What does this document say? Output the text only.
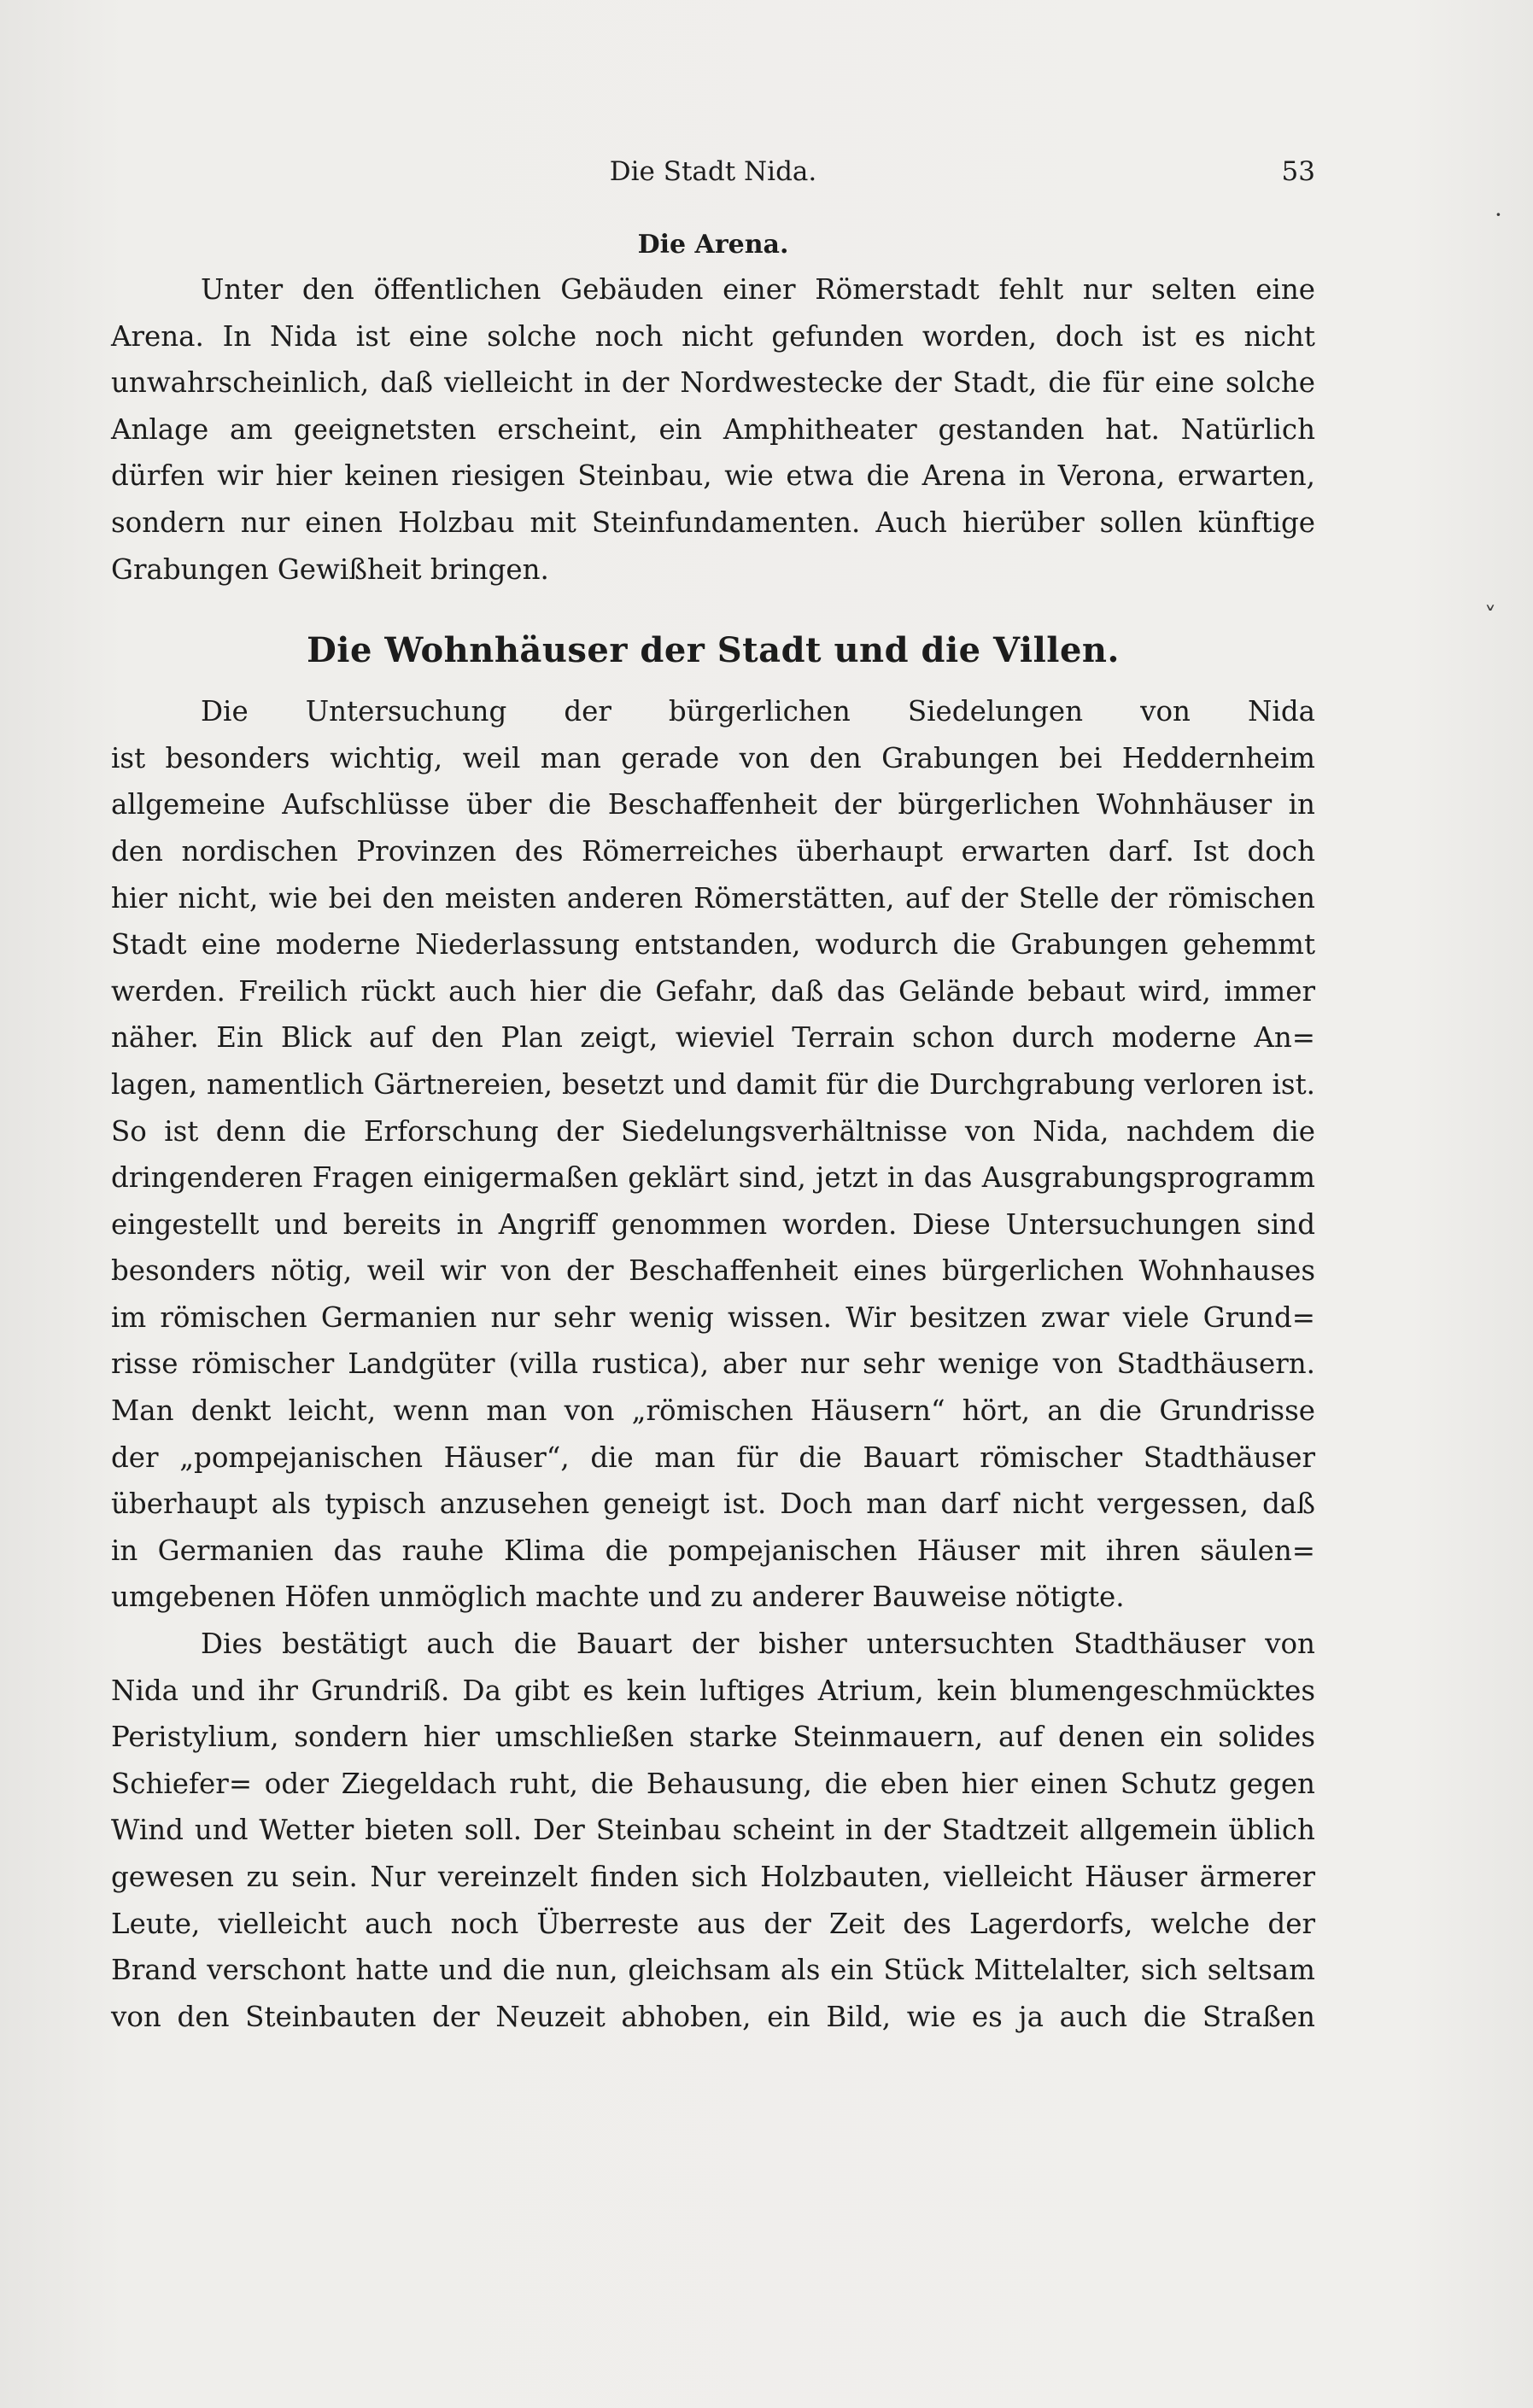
Die Stadt Nida.	53
·
˅
Die Arena.

Unter den öffentlichen Gebäuden einer Römerstadt fehlt nur selten eine
Arena. In Nida ist eine solche noch nicht gefunden worden, doch ist es nicht
unwahrscheinlich, daß vielleicht in der Nordwestecke der Stadt, die für eine solche
Anlage am geeignetsten erscheint, ein Amphitheater gestanden hat. Natürlich
dürfen wir hier keinen riesigen Steinbau, wie etwa die Arena in Verona, erwarten,
sondern nur einen Holzbau mit Steinfundamenten. Auch hierüber sollen künftige
Grabungen Gewißheit bringen.

Die Wohnhäuser der Stadt und die Villen.

Die Untersuchung der bürgerlichen Siedelungen von Nida
ist besonders wichtig, weil man gerade von den Grabungen bei Heddernheim
allgemeine Aufschlüsse über die Beschaffenheit der bürgerlichen Wohnhäuser in
den nordischen Provinzen des Römerreiches überhaupt erwarten darf. Ist doch
hier nicht, wie bei den meisten anderen Römerstätten, auf der Stelle der römischen
Stadt eine moderne Niederlassung entstanden, wodurch die Grabungen gehemmt
werden. Freilich rückt auch hier die Gefahr, daß das Gelände bebaut wird, immer
näher. Ein Blick auf den Plan zeigt, wieviel Terrain schon durch moderne An=
lagen, namentlich Gärtnereien, besetzt und damit für die Durchgrabung verloren ist.
So ist denn die Erforschung der Siedelungsverhältnisse von Nida, nachdem die
dringenderen Fragen einigermaßen geklärt sind, jetzt in das Ausgrabungsprogramm
eingestellt und bereits in Angriff genommen worden. Diese Untersuchungen sind
besonders nötig, weil wir von der Beschaffenheit eines bürgerlichen Wohnhauses
im römischen Germanien nur sehr wenig wissen. Wir besitzen zwar viele Grund=
risse römischer Landgüter (villa rustica), aber nur sehr wenige von Stadthäusern.
Man denkt leicht, wenn man von „römischen Häusern“ hört, an die Grundrisse
der „pompejanischen Häuser“, die man für die Bauart römischer Stadthäuser
überhaupt als typisch anzusehen geneigt ist. Doch man darf nicht vergessen, daß
in Germanien das rauhe Klima die pompejanischen Häuser mit ihren säulen=
umgebenen Höfen unmöglich machte und zu anderer Bauweise nötigte.

Dies bestätigt auch die Bauart der bisher untersuchten Stadthäuser von
Nida und ihr Grundriß. Da gibt es kein luftiges Atrium, kein blumengeschmücktes
Peristylium, sondern hier umschließen starke Steinmauern, auf denen ein solides
Schiefer= oder Ziegeldach ruht, die Behausung, die eben hier einen Schutz gegen
Wind und Wetter bieten soll. Der Steinbau scheint in der Stadtzeit allgemein üblich
gewesen zu sein. Nur vereinzelt finden sich Holzbauten, vielleicht Häuser ärmerer
Leute, vielleicht auch noch Überreste aus der Zeit des Lagerdorfs, welche der
Brand verschont hatte und die nun, gleichsam als ein Stück Mittelalter, sich seltsam
von den Steinbauten der Neuzeit abhoben, ein Bild, wie es ja auch die Straßen
